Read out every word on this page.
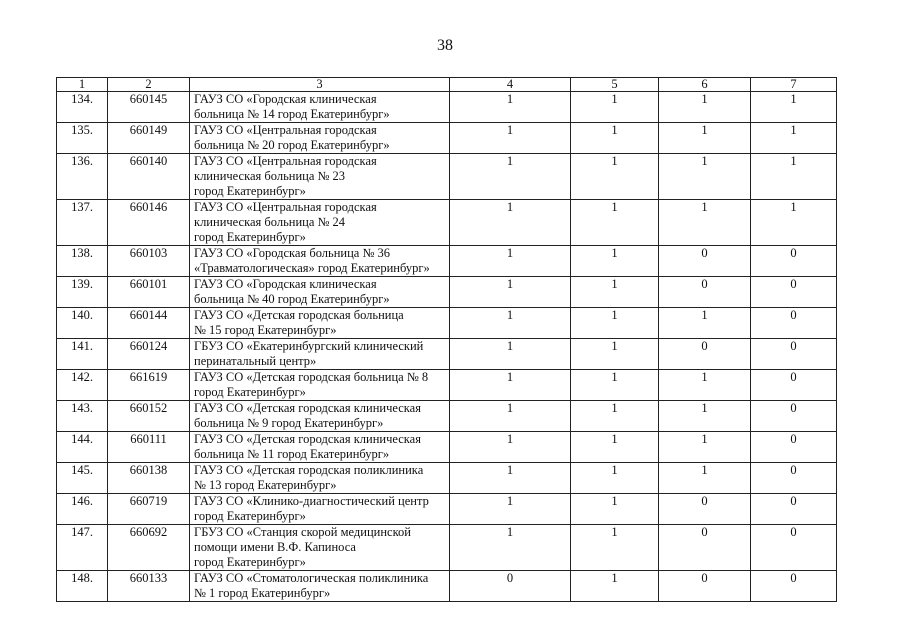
38
1	2	3	4	5	6	7
134.	660145	ГАУЗ СО «Городская клиническая
больница № 14 город Екатеринбург»	1	1	1	1
135.	660149	ГАУЗ СО «Центральная городская
больница № 20 город Екатеринбург»	1	1	1	1
136.	660140	ГАУЗ СО «Центральная городская
клиническая больница № 23
город Екатеринбург»	1	1	1	1
137.	660146	ГАУЗ СО «Центральная городская
клиническая больница № 24
город Екатеринбург»	1	1	1	1
138.	660103	ГАУЗ СО «Городская больница № 36
«Травматологическая» город Екатеринбург»	1	1	0	0
139.	660101	ГАУЗ СО «Городская клиническая
больница № 40 город Екатеринбург»	1	1	0	0
140.	660144	ГАУЗ СО «Детская городская больница
№ 15 город Екатеринбург»	1	1	1	0
141.	660124	ГБУЗ СО «Екатеринбургский клинический
перинатальный центр»	1	1	0	0
142.	661619	ГАУЗ СО «Детская городская больница № 8
город Екатеринбург»	1	1	1	0
143.	660152	ГАУЗ СО «Детская городская клиническая
больница № 9 город Екатеринбург»	1	1	1	0
144.	660111	ГАУЗ СО «Детская городская клиническая
больница № 11 город Екатеринбург»	1	1	1	0
145.	660138	ГАУЗ СО «Детская городская поликлиника
№ 13 город Екатеринбург»	1	1	1	0
146.	660719	ГАУЗ СО «Клинико-диагностический центр
город Екатеринбург»	1	1	0	0
147.	660692	ГБУЗ СО «Станция скорой медицинской
помощи имени В.Ф. Капиноса
город Екатеринбург»	1	1	0	0
148.	660133	ГАУЗ СО «Стоматологическая поликлиника
№ 1 город Екатеринбург»	0	1	0	0
